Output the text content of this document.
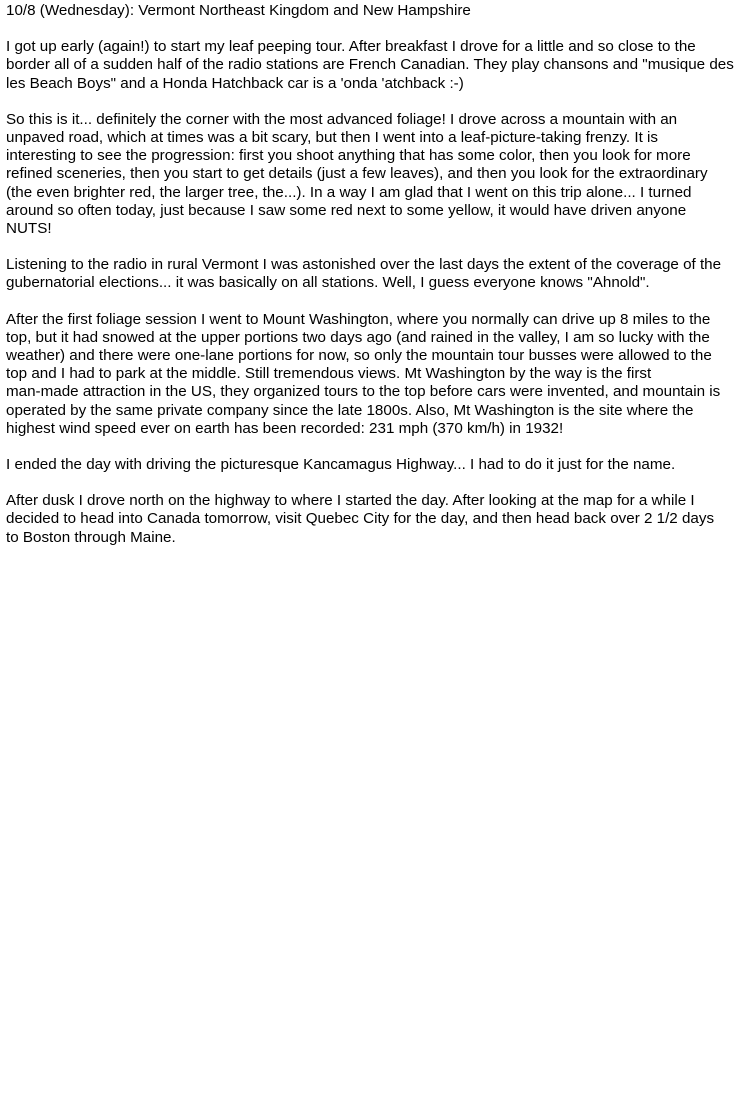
10/8 (Wednesday): Vermont Northeast Kingdom and New Hampshire

I got up early (again!) to start my leaf peeping tour. After breakfast I drove for a little and so close to the
border all of a sudden half of the radio stations are French Canadian. They play chansons and "musique des
les Beach Boys" and a Honda Hatchback car is a 'onda 'atchback :-)

So this is it... definitely the corner with the most advanced foliage! I drove across a mountain with an
unpaved road, which at times was a bit scary, but then I went into a leaf-picture-taking frenzy. It is
interesting to see the progression: first you shoot anything that has some color, then you look for more
refined sceneries, then you start to get details (just a few leaves), and then you look for the extraordinary
(the even brighter red, the larger tree, the...). In a way I am glad that I went on this trip alone... I turned
around so often today, just because I saw some red next to some yellow, it would have driven anyone
NUTS!

Listening to the radio in rural Vermont I was astonished over the last days the extent of the coverage of the
gubernatorial elections... it was basically on all stations. Well, I guess everyone knows "Ahnold".

After the first foliage session I went to Mount Washington, where you normally can drive up 8 miles to the
top, but it had snowed at the upper portions two days ago (and rained in the valley, I am so lucky with the
weather) and there were one-lane portions for now, so only the mountain tour busses were allowed to the
top and I had to park at the middle. Still tremendous views. Mt Washington by the way is the first
man-made attraction in the US, they organized tours to the top before cars were invented, and mountain is
operated by the same private company since the late 1800s. Also, Mt Washington is the site where the
highest wind speed ever on earth has been recorded: 231 mph (370 km/h) in 1932!

I ended the day with driving the picturesque Kancamagus Highway... I had to do it just for the name.

After dusk I drove north on the highway to where I started the day. After looking at the map for a while I
decided to head into Canada tomorrow, visit Quebec City for the day, and then head back over 2 1/2 days
to Boston through Maine.
